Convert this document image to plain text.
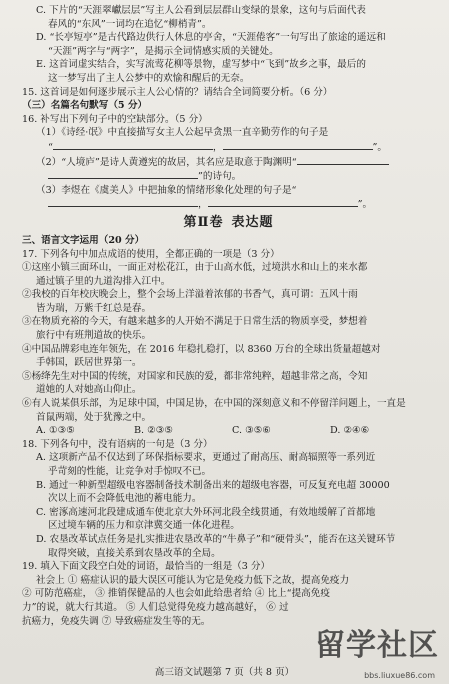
C. 下片的“天涯翠巘层层”写主人公看到层层群山变绿的景象，这句与后面代表
春风的“东风”一词均在追忆“柳梢青”。
D. “长亭短亭”是古代路边供行人休息的亭舍，“天涯倦客”一句写出了旅途的遥远和
“天涯”两字与“两字”，是揭示全词情感实质的关键处。
E. 这首词虚实结合，实写流莺花柳等景物，虚写梦中“飞到”故乡之事，最后的
这一梦写出了主人公梦中的欢愉和醒后的无奈。
15. 这首词是如何逐步展示主人公心情的？请结合全词简要分析。（6 分）
（三）名篇名句默写（5 分）
16. 补写出下列句子中的空缺部分。（5 分）
（1）《诗经·氓》中直接描写女主人公起早贪黑一直辛勤劳作的句子是
“	，	”。
（2）“人境庐”是诗人黄遵宪的故居，其名应是取意于陶渊明“
”的诗句。
（3）李煜在《虞美人》中把抽象的情绪形象化处理的句子是“
，	”。
第Ⅱ卷 表达题
三、语言文字运用（20 分）
17. 下列各句中加点成语的使用，全都正确的一项是（3 分）
①这座小镇三面环山，一面正对松花江，由于山高水低，过境洪水和山上的来水都
通过镇子里的九道沟排入江中。
②我校的百年校庆晚会上，整个会场上洋溢着浓郁的书香气，真可谓：五风十雨
皆为瑞，万紫千红总是春。
③在物质充裕的今天，有越来越多的人开始不满足于日常生活的物质享受，梦想着
旅行中有班荆道故的快乐。
④中国品牌彩电连年领先，在 2016 年稳扎稳打，以 8360 万台的全球出货量超越对
手韩国，跃居世界第一。
⑤杨绛先生对中国的传统，对国家和民族的爱，都非常纯粹，超越非常之高，令知
道她的人对她高山仰止。
⑥有人说某俱乐部，为足球中国，中国足协，在中国的深刻意义和不停留洋问题上，一直是
首鼠两端，处于犹豫之中。
A. ①③⑤	B. ②③⑤	C. ③⑤⑥	D. ②④⑥
18. 下列各句中，没有语病的一句是（3 分）
A. 这项新产品不仅达到了环保指标要求，更通过了耐高压、耐高辐照等一系列近
乎苛刻的性能，让竞争对手惊叹不已。
B. 通过一种新型超级电容器制备技术制备出来的超级电容器，可反复充电超 30000
次以上而不会降低电池的蓄电能力。
C. 密涿高速河北段建成通车使北京大外环河北段全线贯通，有效地缓解了首都地
区过境车辆的压力和京津冀交通一体化进程。
D. 农垦改革试点任务是扎实推进农垦改革的“牛鼻子”和“硬骨头”，能否在这关键环节
取得突破，直接关系到农垦改革的全局。
19. 填入下面文段空白处的词语，最恰当的一组是（3 分）
社会上 ① 癌症认识的最大误区可能认为它是免疫力低下之故，提高免疫力
② 可防范癌症， ③ 推销保健品的人也会如此给患者给 ④ 比上“提高免疫
力”的说，就大行其道。 ⑤ 人们总觉得免疫力越高越好， ⑥ 过
抗癌力，免疫失调 ⑦ 导致癌症发生等的无。
高三语文试题第 7 页（共 8 页）
留学社区
bbs.liuxue86.com
